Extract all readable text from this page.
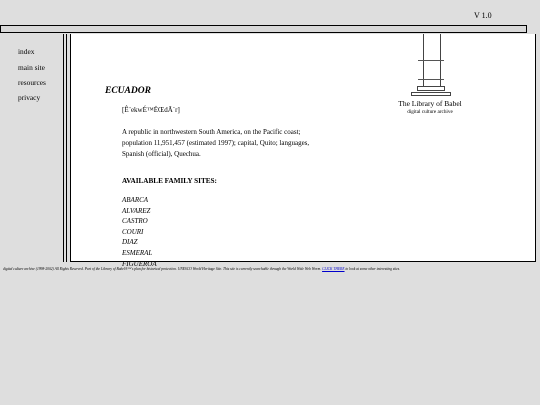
V 1.0
index
main site
resources
privacy
The Library of Babel
digital culture archive
ECUADOR
[Ê¨ekwÉ™ËŒdÃ´r]
A republic in northwestern South America, on the Pacific coast;
population 11,951,457 (estimated 1997); capital, Quito; languages,
Spanish (official), Quechua.
AVAILABLE FAMILY SITES:
ABARCA
ALVAREZ
CASTRO
COURI
DIAZ
ESMERAL
FIGUEROA
digital culture archive (1998-2002) All Rights Reserved. Part of the Library of Babel®™'s plan for historical protection. UNESCO World Heritage Site. This site is currently searchable through the World Wide Web Worm. CLICK THERE to look at some other interesting sites.
